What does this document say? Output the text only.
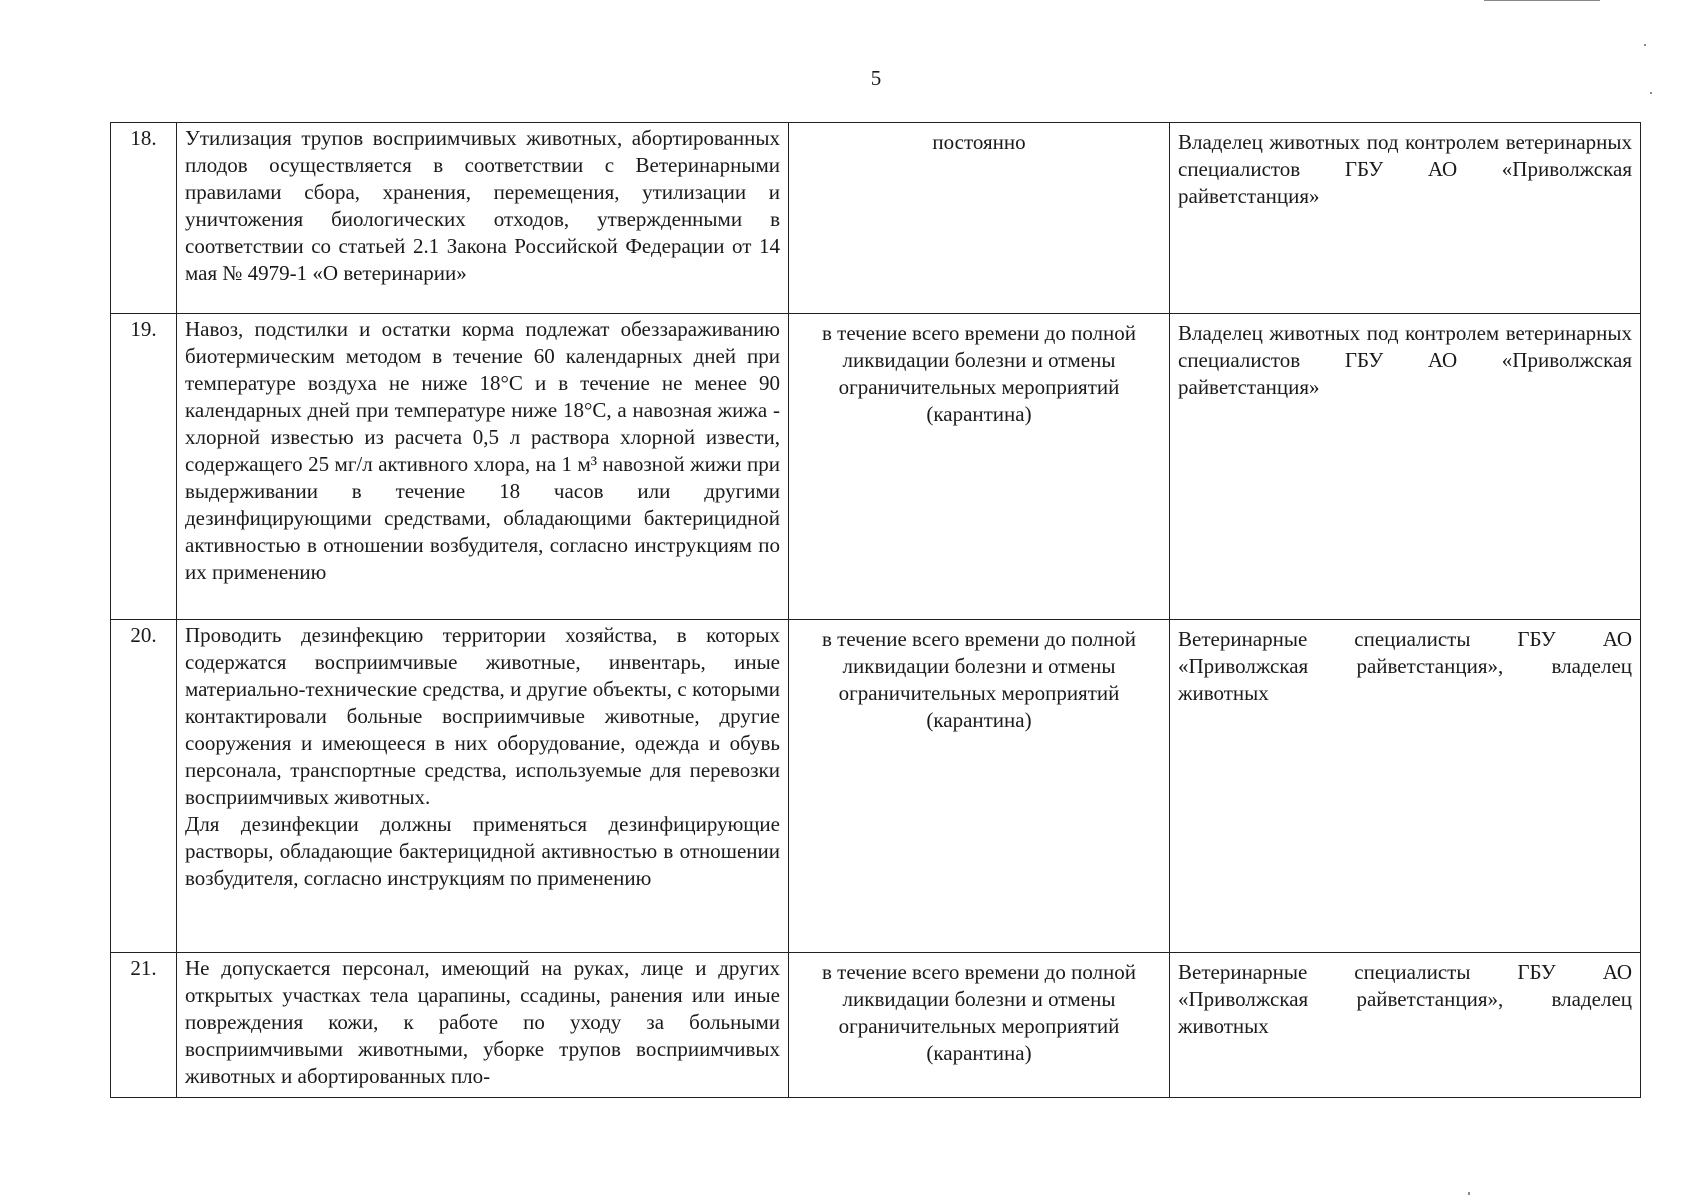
5
18.	Утилизация трупов восприимчивых животных, абортированных плодов осуществляется в соответствии с Ветеринарными правилами сбора, хранения, перемещения, утилизации и уничтожения биологических отходов, утвержденными в соответствии со статьей 2.1 Закона Российской Федерации от 14 мая № 4979-1 «О ветеринарии»	постоянно	Владелец животных под контролем ветеринарных специалистов ГБУ АО «Приволжская райветстанция»
19.	Навоз, подстилки и остатки корма подлежат обеззараживанию биотермическим методом в течение 60 календарных дней при температуре воздуха не ниже 18°С и в течение не менее 90 календарных дней при температуре ниже 18°С, а навозная жижа - хлорной известью из расчета 0,5 л раствора хлорной извести, содержащего 25 мг/л активного хлора, на 1 м³ навозной жижи при выдерживании в течение 18 часов или другими дезинфицирующими средствами, обладающими бактерицидной активностью в отношении возбудителя, согласно инструкциям по их применению	в течение всего времени до полной ликвидации болезни и отмены ограничительных мероприятий (карантина)	Владелец животных под контролем ветеринарных специалистов ГБУ АО «Приволжская райветстанция»
20.	Проводить дезинфекцию территории хозяйства, в которых содержатся восприимчивые животные, инвентарь, иные материально-технические средства, и другие объекты, с которыми контактировали больные восприимчивые животные, другие сооружения и имеющееся в них оборудование, одежда и обувь персонала, транспортные средства, используемые для перевозки восприимчивых животных.
Для дезинфекции должны применяться дезинфицирующие растворы, обладающие бактерицидной активностью в отношении возбудителя, согласно инструкциям по применению	в течение всего времени до полной ликвидации болезни и отмены ограничительных мероприятий (карантина)	Ветеринарные специалисты ГБУ АО «Приволжская райветстанция», владелец животных
21.	Не допускается персонал, имеющий на руках, лице и других открытых участках тела царапины, ссадины, ранения или иные повреждения кожи, к работе по уходу за больными восприимчивыми животными, уборке трупов восприимчивых животных и абортированных пло-	в течение всего времени до полной ликвидации болезни и отмены ограничительных мероприятий (карантина)	Ветеринарные специалисты ГБУ АО «Приволжская райветстанция», владелец животных
